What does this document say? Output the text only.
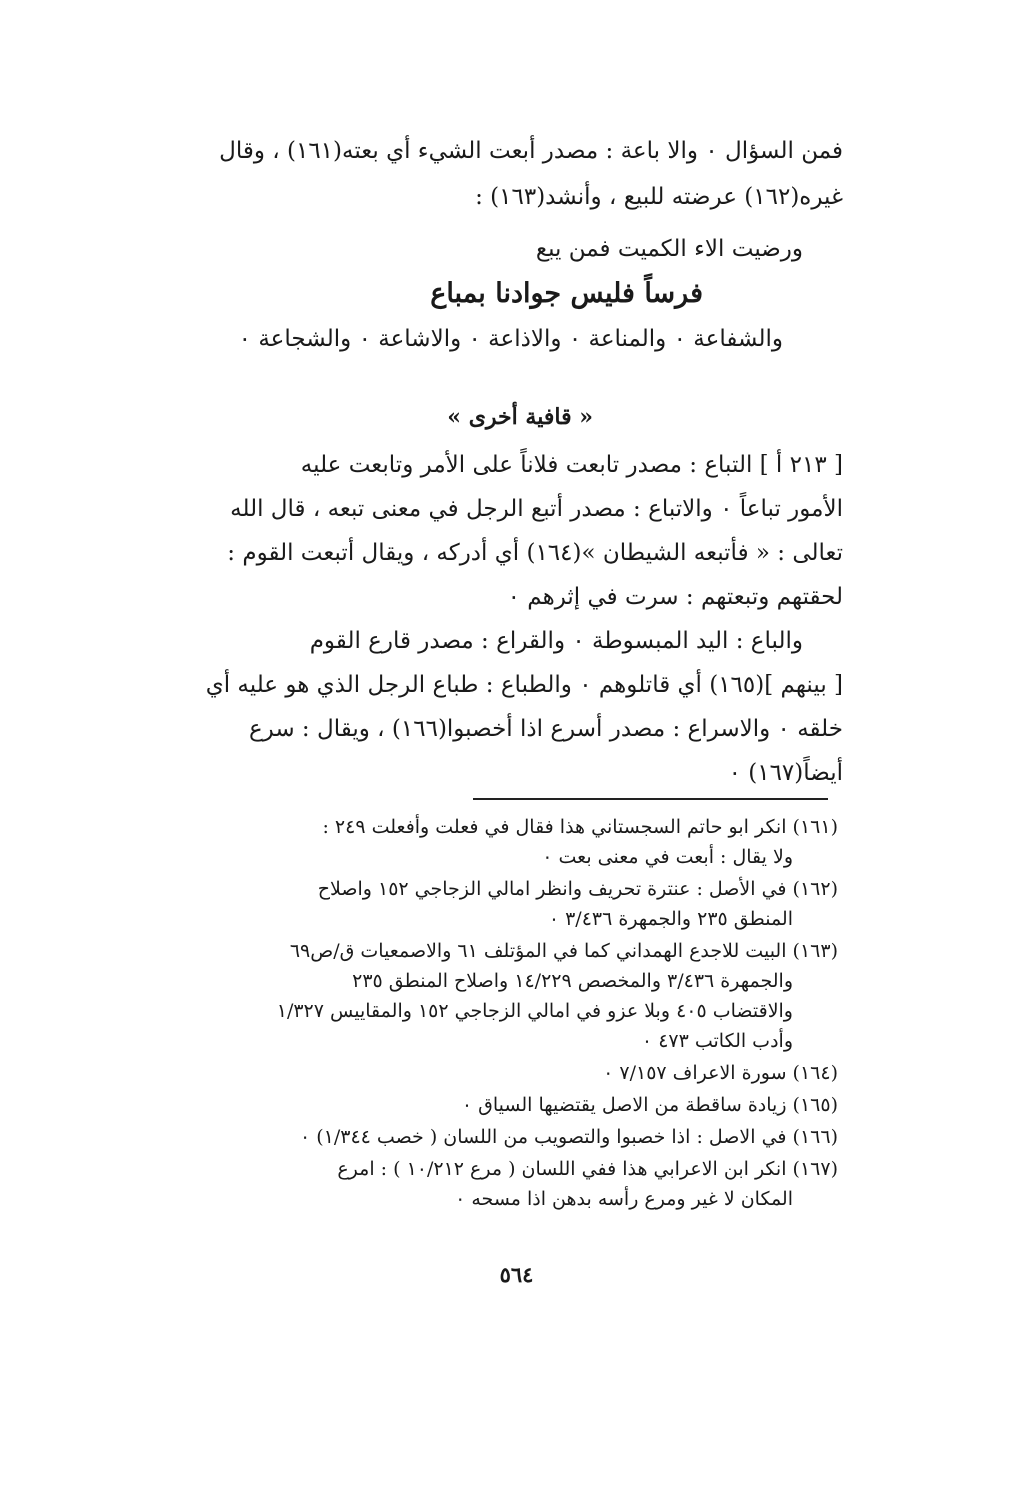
فمن السؤال ٠ والا باعة : مصدر أبعت الشيء أي بعته(١٦١) ، وقال
غيره(١٦٢) عرضته للبيع ، وأنشد(١٦٣) :
ورضيت الاء الكميت فمن يبع
فرساً فليس جوادنا بمباع
والشفاعة ٠ والمناعة ٠ والاذاعة ٠ والاشاعة ٠ والشجاعة ٠
« قافية أخرى »
[ ٢١٣ أ ] التباع : مصدر تابعت فلاناً على الأمر وتابعت عليه
الأمور تباعاً ٠ والاتباع : مصدر أتبع الرجل في معنى تبعه ، قال الله
تعالى : « فأتبعه الشيطان »(١٦٤) أي أدركه ، ويقال أتبعت القوم :
لحقتهم وتبعتهم : سرت في إثرهم ٠
والباع : اليد المبسوطة ٠ والقراع : مصدر قارع القوم
[ بينهم ](١٦٥) أي قاتلوهم ٠ والطباع : طباع الرجل الذي هو عليه أي
خلقه ٠ والاسراع : مصدر أسرع اذا أخصبوا(١٦٦) ، ويقال : سرع
أيضاً(١٦٧) ٠
(١٦١) انكر ابو حاتم السجستاني هذا فقال في فعلت وأفعلت ٢٤٩ :
ولا يقال : أبعت في معنى بعت ٠
(١٦٢) في الأصل : عنترة تحريف وانظر امالي الزجاجي ١٥٢ واصلاح
المنطق ٢٣٥ والجمهرة ٣/٤٣٦ ٠
(١٦٣) البيت للاجدع الهمداني كما في المؤتلف ٦١ والاصمعيات ق/ص٦٩
والجمهرة ٣/٤٣٦ والمخصص ١٤/٢٢٩ واصلاح المنطق ٢٣٥
والاقتضاب ٤٠٥ وبلا عزو في امالي الزجاجي ١٥٢ والمقاييس ١/٣٢٧
وأدب الكاتب ٤٧٣ ٠
(١٦٤) سورة الاعراف ٧/١٥٧ ٠
(١٦٥) زيادة ساقطة من الاصل يقتضيها السياق ٠
(١٦٦) في الاصل : اذا خصبوا والتصويب من اللسان ( خصب ١/٣٤٤) ٠
(١٦٧) انكر ابن الاعرابي هذا ففي اللسان ( مرع ١٠/٢١٢ ) : امرع
المكان لا غير ومرع رأسه بدهن اذا مسحه ٠
٥٦٤
